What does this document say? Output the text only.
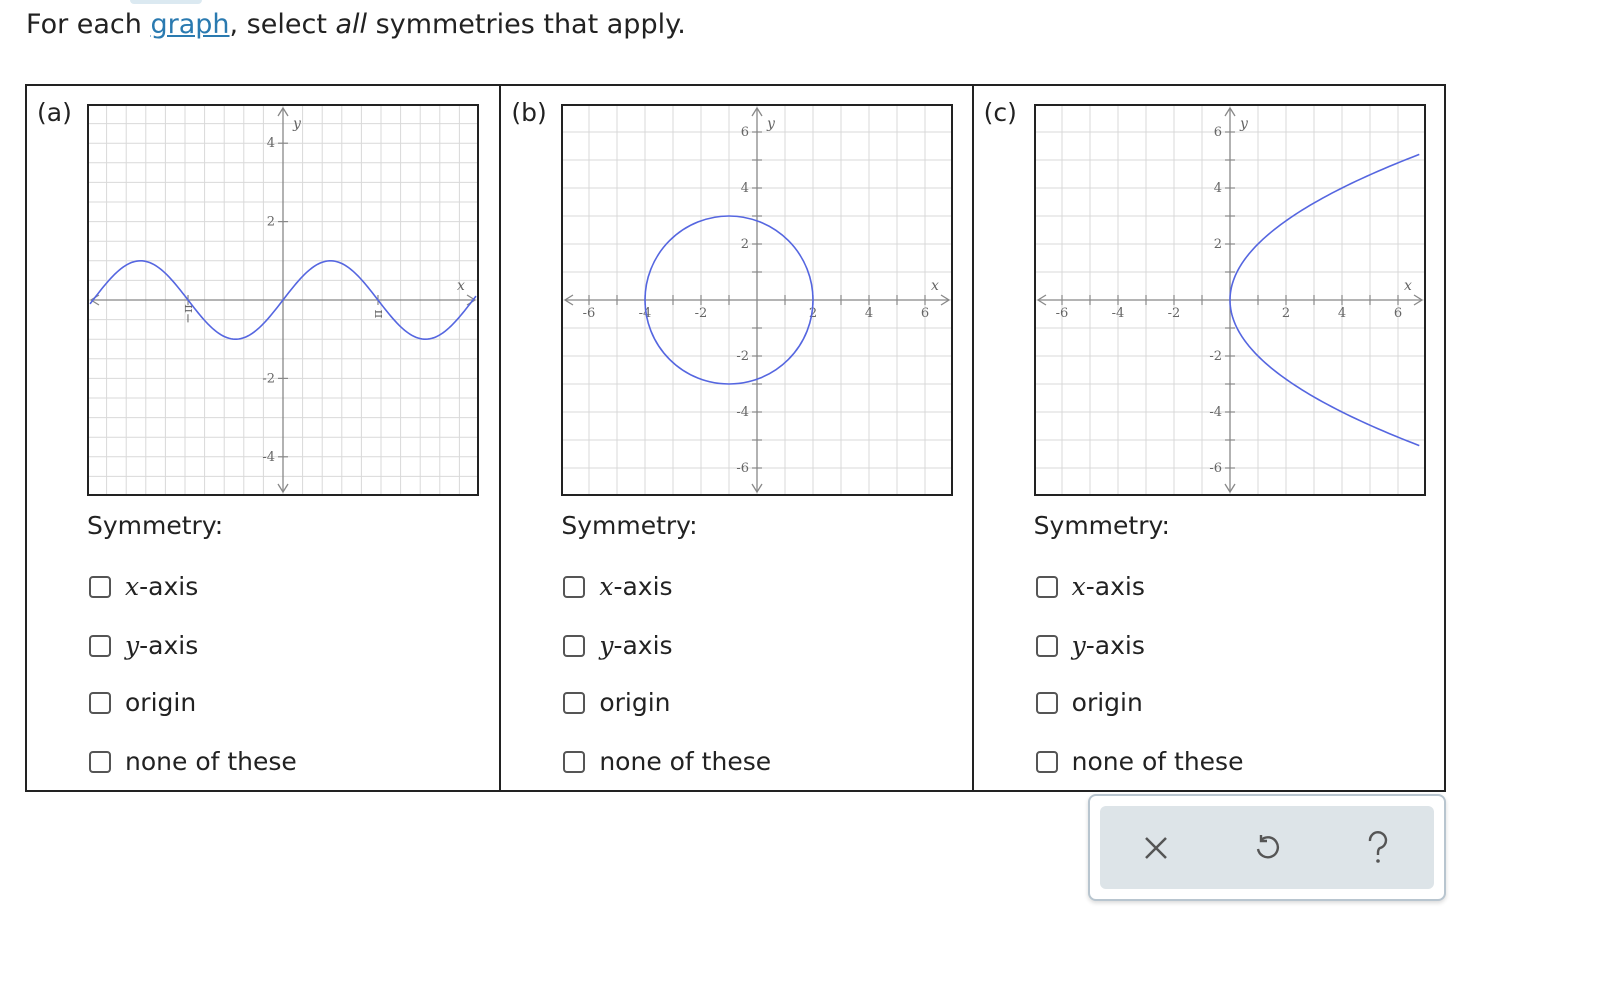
For each graph, select all symmetries that apply.
(a)
x
y
4
2
-2
-4
−π	π
Symmetry:
x-axis
y-axis
origin
none of these
(b)
x
y
-6	-4	-2	2	4	6
6
4
2
-2
-4
-6
Symmetry:
x-axis
y-axis
origin
none of these
(c)
x
y
-6	-4	-2	2	4	6
6
4
2
-2
-4
-6
Symmetry:
x-axis
y-axis
origin
none of these
